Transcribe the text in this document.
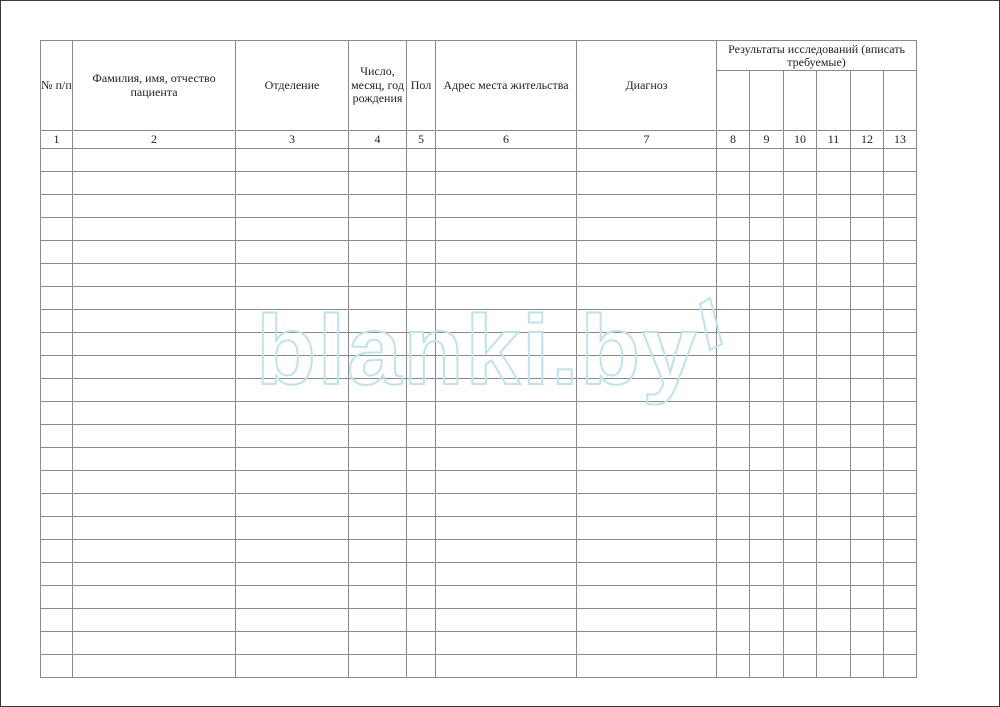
№ п/п	Фамилия, имя, отчество пациента	Отделение	Число, месяц, год рождения	Пол	Адрес места жительства	Диагноз	Результаты исследований (вписать требуемые)					

1	2	3	4	5	6	7	8	9	10	11	12	13

blanki.by
